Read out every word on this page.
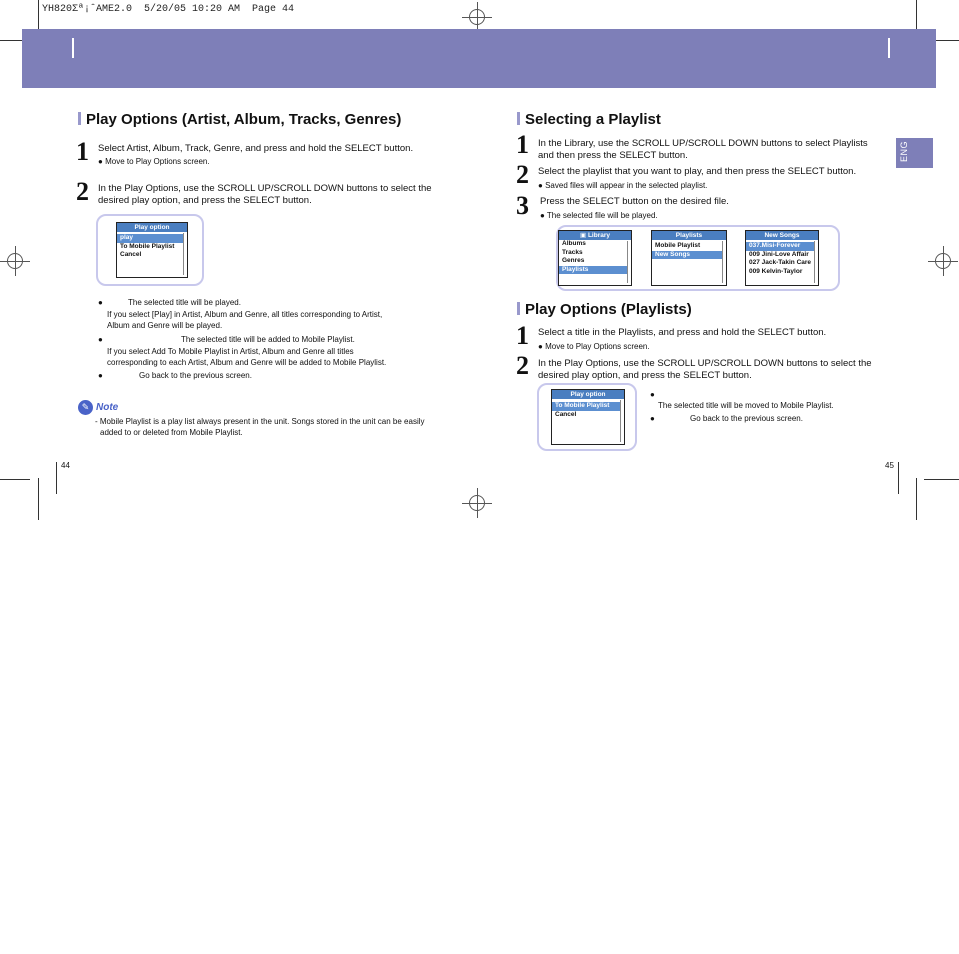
YH820Σª¡ˆAME2.0  5/20/05 10:20 AM  Page 44
ENG
Play Options (Artist, Album, Tracks, Genres)
1 Select Artist, Album, Track, Genre, and press and hold the SELECT button.
● Move to Play Options screen.
2 In the Play Options, use the SCROLL UP/SCROLL DOWN buttons to select the desired play option, and press the SELECT button.
Play option
play
To Mobile Playlist
Cancel
●	The selected title will be played.
If you select [Play] in Artist, Album and Genre, all titles corresponding to Artist,
Album and Genre will be played.
●	The selected title will be added to Mobile Playlist.
If you select Add To Mobile Playlist in Artist, Album and Genre all titles
corresponding to each Artist, Album and Genre will be added to Mobile Playlist.
●	Go back to the previous screen.
✎ Note
- Mobile Playlist is a play list always present in the unit. Songs stored in the unit can be easily
added to or deleted from Mobile Playlist.
44
Selecting a Playlist
1 In the Library, use the SCROLL UP/SCROLL DOWN buttons to select Playlists
and then press the SELECT button.
2 Select the playlist that you want to play, and then press the SELECT button.
● Saved files will appear in the selected playlist.
3 Press the SELECT button on the desired file.
● The selected file will be played.
▣ Library
Albums
Tracks
Genres
Playlists
Playlists
Mobile Playlist
New Songs
New Songs
037.Misi-Forever
009 Jini-Love Affair
027 Jack-Takin Care
009 Kelvin-Taylor
Play Options (Playlists)
1 Select a title in the Playlists, and press and hold the SELECT button.
● Move to Play Options screen.
2 In the Play Options, use the SCROLL UP/SCROLL DOWN buttons to select the
desired play option, and press the SELECT button.
Play option
To Mobile Playlist
Cancel
●
The selected title will be moved to Mobile Playlist.
●	Go back to the previous screen.
45
